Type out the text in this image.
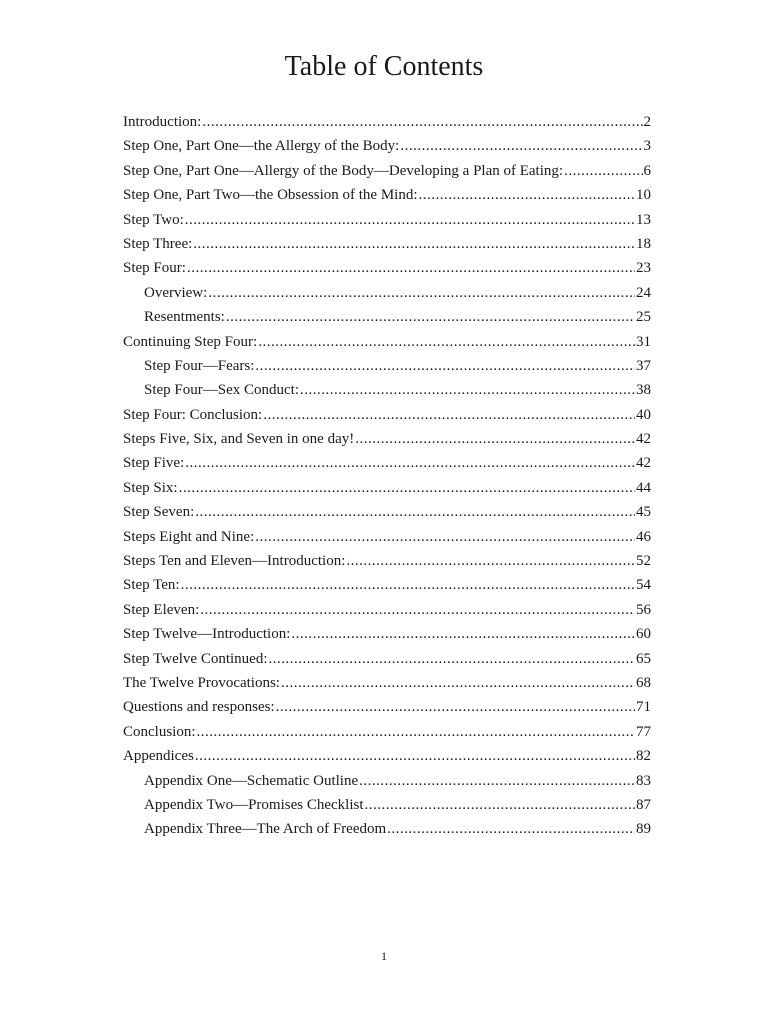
Table of Contents
Introduction: .....	2
Step One, Part One—the Allergy of the Body: .....	3
Step One, Part One—Allergy of the Body—Developing a Plan of Eating: .....	6
Step One, Part Two—the Obsession of the Mind: .....	10
Step Two: .....	13
Step Three: .....	18
Step Four: .....	23
Overview: .....	24
Resentments: .....	25
Continuing Step Four: .....	31
Step Four—Fears: .....	37
Step Four—Sex Conduct: .....	38
Step Four: Conclusion: .....	40
Steps Five, Six, and Seven in one day! .....	42
Step Five: .....	42
Step Six: .....	44
Step Seven: .....	45
Steps Eight and Nine: .....	46
Steps Ten and Eleven—Introduction: .....	52
Step Ten: .....	54
Step Eleven: .....	56
Step Twelve—Introduction: .....	60
Step Twelve Continued: .....	65
The Twelve Provocations: .....	68
Questions and responses: .....	71
Conclusion: .....	77
Appendices .....	82
Appendix One—Schematic Outline .....	83
Appendix Two—Promises Checklist .....	87
Appendix Three—The Arch of Freedom .....	89
1
